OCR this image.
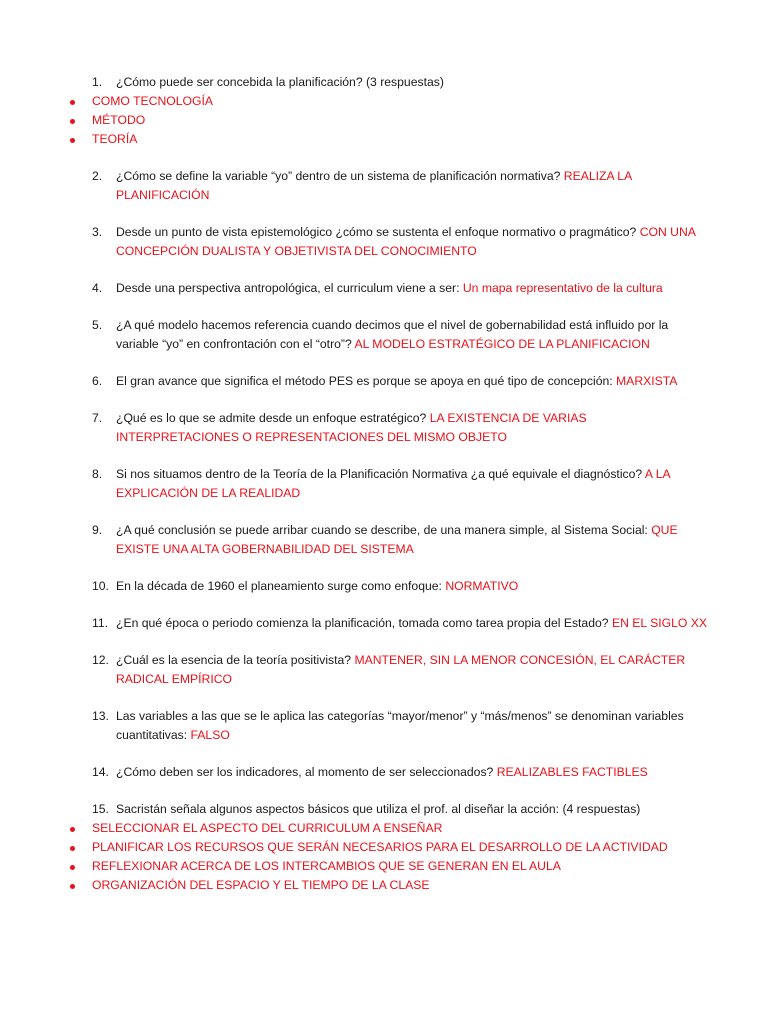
1. ¿Cómo puede ser concebida la planificación? (3 respuestas)
COMO TECNOLOGÍA
MÉTODO
TEORÍA
2. ¿Cómo se define la variable “yo” dentro de un sistema de planificación normativa? REALIZA LA PLANIFICACIÓN
3. Desde un punto de vista epistemológico ¿cómo se sustenta el enfoque normativo o pragmático? CON UNA CONCEPCIÓN DUALISTA Y OBJETIVISTA DEL CONOCIMIENTO
4. Desde una perspectiva antropológica, el curriculum viene a ser: Un mapa representativo de la cultura
5. ¿A qué modelo hacemos referencia cuando decimos que el nivel de gobernabilidad está influido por la variable “yo” en confrontación con el “otro”? AL MODELO ESTRATÉGICO DE LA PLANIFICACION
6. El gran avance que significa el método PES es porque se apoya en qué tipo de concepción: MARXISTA
7. ¿Qué es lo que se admite desde un enfoque estratégico? LA EXISTENCIA DE VARIAS INTERPRETACIONES O REPRESENTACIONES DEL MISMO OBJETO
8. Si nos situamos dentro de la Teoría de la Planificación Normativa ¿a qué equivale el diagnóstico? A LA EXPLICACIÓN DE LA REALIDAD
9. ¿A qué conclusión se puede arribar cuando se describe, de una manera simple, al Sistema Social: QUE EXISTE UNA ALTA GOBERNABILIDAD DEL SISTEMA
10. En la década de 1960 el planeamiento surge como enfoque: NORMATIVO
11. ¿En qué época o periodo comienza la planificación, tomada como tarea propia del Estado? EN EL SIGLO XX
12. ¿Cuál es la esencia de la teoría positivista? MANTENER, SIN LA MENOR CONCESIÓN, EL CARÁCTER RADICAL EMPÍRICO
13. Las variables a las que se le aplica las categorías “mayor/menor” y “más/menos” se denominan variables cuantitativas: FALSO
14. ¿Cómo deben ser los indicadores, al momento de ser seleccionados? REALIZABLES FACTIBLES
15. Sacristán señala algunos aspectos básicos que utiliza el prof. al diseñar la acción: (4 respuestas)
SELECCIONAR EL ASPECTO DEL CURRICULUM A ENSEÑAR
PLANIFICAR LOS RECURSOS QUE SERÁN NECESARIOS PARA EL DESARROLLO DE LA ACTIVIDAD
REFLEXIONAR ACERCA DE LOS INTERCAMBIOS QUE SE GENERAN EN EL AULA
ORGANIZACIÓN DEL ESPACIO Y EL TIEMPO DE LA CLASE
